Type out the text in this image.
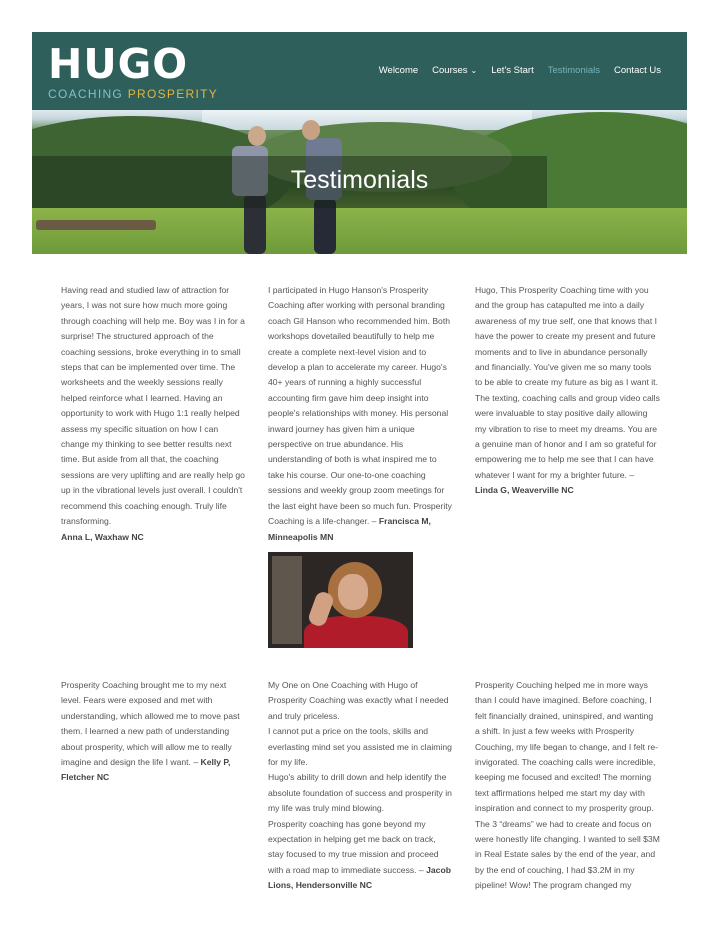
HUGO
COACHING PROSPERITY
Welcome Courses ⌄ Let's Start Testimonials Contact Us
Testimonials

Having read and studied law of attraction for years, I was not sure how much more going through coaching will help me. Boy was I in for a surprise! The structured approach of the coaching sessions, broke everything in to small steps that can be implemented over time. The worksheets and the weekly sessions really helped reinforce what I learned. Having an opportunity to work with Hugo 1:1 really helped assess my specific situation on how I can change my thinking to see better results next time. But aside from all that, the coaching sessions are very uplifting and are really help go up in the vibrational levels just overall. I couldn't recommend this coaching enough. Truly life transforming.
Anna L, Waxhaw NC

I participated in Hugo Hanson's Prosperity Coaching after working with personal branding coach Gil Hanson who recommended him. Both workshops dovetailed beautifully to help me create a complete next-level vision and to develop a plan to accelerate my career. Hugo's 40+ years of running a highly successful accounting firm gave him deep insight into people's relationships with money. His personal inward journey has given him a unique perspective on true abundance. His understanding of both is what inspired me to take his course. Our one-to-one coaching sessions and weekly group zoom meetings for the last eight have been so much fun. Prosperity Coaching is a life-changer. – Francisca M, Minneapolis MN

Hugo, This Prosperity Coaching time with you and the group has catapulted me into a daily awareness of my true self, one that knows that I have the power to create my present and future moments and to live in abundance personally and financially. You've given me so many tools to be able to create my future as big as I want it. The texting, coaching calls and group video calls were invaluable to stay positive daily allowing my vibration to rise to meet my dreams. You are a genuine man of honor and I am so grateful for empowering me to help me see that I can have whatever I want for my a brighter future. –
Linda G, Weaverville NC

Prosperity Coaching brought me to my next level. Fears were exposed and met with understanding, which allowed me to move past them. I learned a new path of understanding about prosperity, which will allow me to really imagine and design the life I want. – Kelly P, Fletcher NC

My One on One Coaching with Hugo of Prosperity Coaching was exactly what I needed and truly priceless.

I cannot put a price on the tools, skills and everlasting mind set you assisted me in claiming for my life.

Hugo's ability to drill down and help identify the absolute foundation of success and prosperity in my life was truly mind blowing.

Prosperity coaching has gone beyond my expectation in helping get me back on track, stay focused to my true mission and proceed with a road map to immediate success. – Jacob Lions, Hendersonville NC

Prosperity Couching helped me in more ways than I could have imagined. Before coaching, I felt financially drained, uninspired, and wanting a shift. In just a few weeks with Prosperity Couching, my life began to change, and I felt re-invigorated. The coaching calls were incredible, keeping me focused and excited! The morning text affirmations helped me start my day with inspiration and connect to my prosperity group. The 3 “dreams” we had to create and focus on were honestly life changing. I wanted to sell $3M in Real Estate sales by the end of the year, and by the end of couching, I had $3.2M in my pipeline! Wow! The program changed my
